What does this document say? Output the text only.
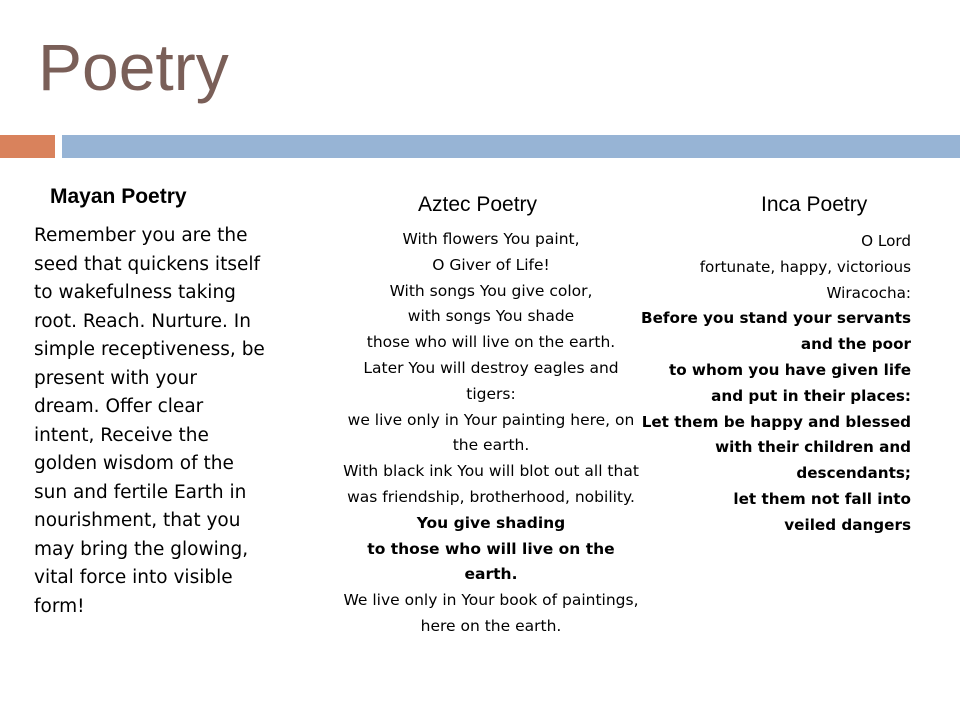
Poetry
Mayan Poetry

Remember you are the seed that quickens itself to wakefulness taking root. Reach. Nurture. In simple receptiveness, be present with your dream. Offer clear intent, Receive the golden wisdom of the sun and fertile Earth in nourishment, that you may bring the glowing, vital force into visible form!

Aztec Poetry
With flowers You paint,
O Giver of Life!
With songs You give color,
with songs You shade
those who will live on the earth.
Later You will destroy eagles and tigers:
we live only in Your painting here, on the earth.
With black ink You will blot out all that was friendship, brotherhood, nobility.
You give shading
to those who will live on the earth.
We live only in Your book of paintings,
here on the earth.
Inca Poetry
O Lord
fortunate, happy, victorious
Wiracocha:
Before you stand your servants and the poor
to whom you have given life and put in their places:
Let them be happy and blessed
with their children and descendants;
let them not fall into
veiled dangers
